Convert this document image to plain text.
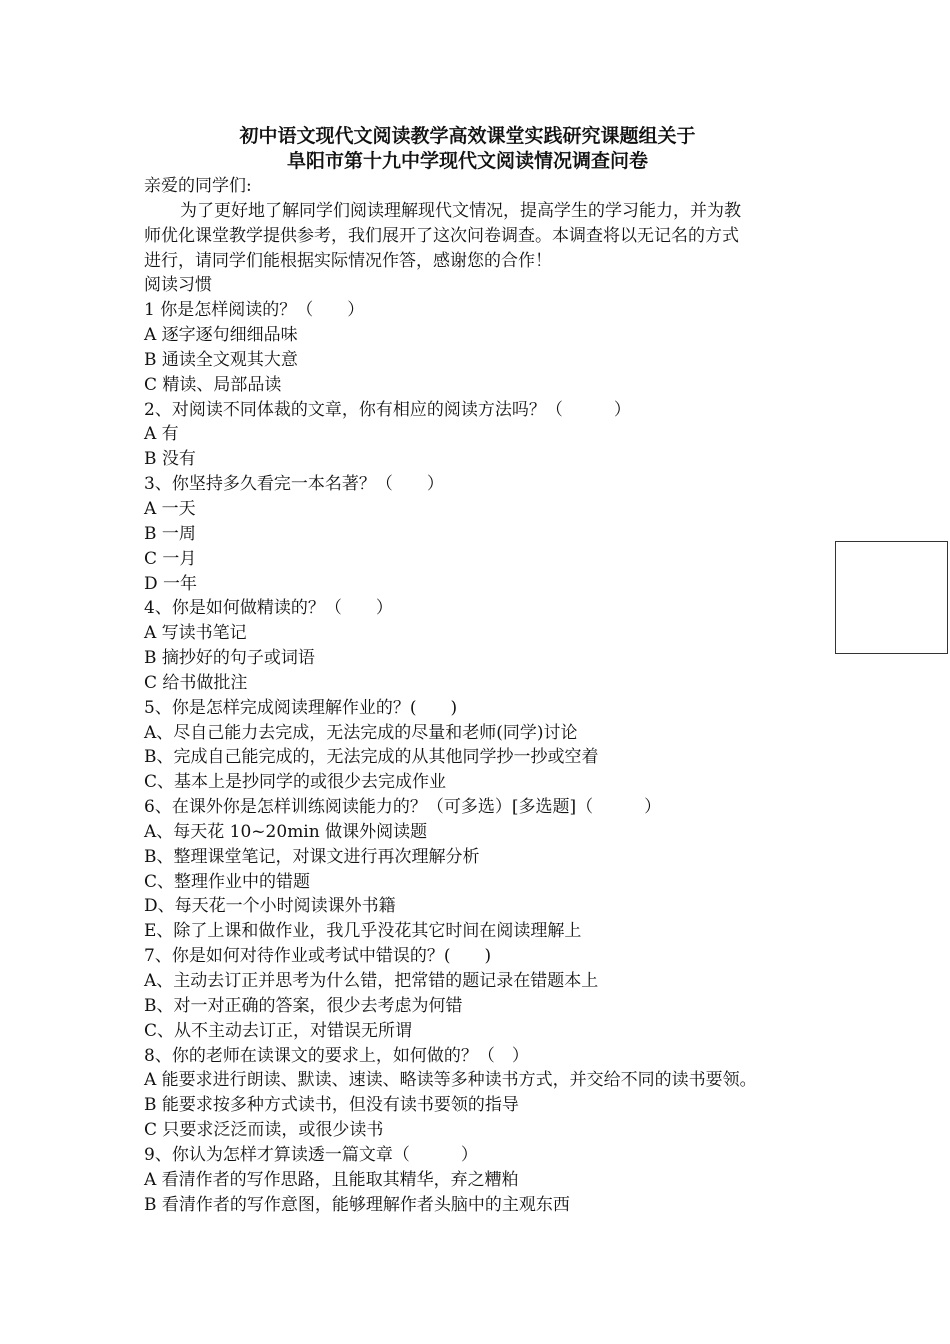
初中语文现代文阅读教学高效课堂实践研究课题组关于
阜阳市第十九中学现代文阅读情况调查问卷
亲爱的同学们:
为了更好地了解同学们阅读理解现代文情况，提高学生的学习能力，并为教
师优化课堂教学提供参考，我们展开了这次问卷调查。本调查将以无记名的方式
进行，请同学们能根据实际情况作答，感谢您的合作！
阅读习惯
1 你是怎样阅读的？（　　）
A 逐字逐句细细品味
B 通读全文观其大意
C 精读、局部品读
2、对阅读不同体裁的文章，你有相应的阅读方法吗？（　　　）
A 有
B 没有
3、你坚持多久看完一本名著？（　　）
A 一天
B 一周
C 一月
D 一年
4、你是如何做精读的？（　　）
A 写读书笔记
B 摘抄好的句子或词语
C 给书做批注
5、你是怎样完成阅读理解作业的？(　　)
A、尽自己能力去完成，无法完成的尽量和老师(同学)讨论
B、完成自己能完成的，无法完成的从其他同学抄一抄或空着
C、基本上是抄同学的或很少去完成作业
6、在课外你是怎样训练阅读能力的？（可多选）[多选题]（　　　）
A、每天花 10~20min 做课外阅读题
B、整理课堂笔记，对课文进行再次理解分析
C、整理作业中的错题
D、每天花一个小时阅读课外书籍
E、除了上课和做作业，我几乎没花其它时间在阅读理解上
7、你是如何对待作业或考试中错误的？(　　)
A、主动去订正并思考为什么错，把常错的题记录在错题本上
B、对一对正确的答案，很少去考虑为何错
C、从不主动去订正，对错误无所谓
8、你的老师在读课文的要求上，如何做的？（　）
A 能要求进行朗读、默读、速读、略读等多种读书方式，并交给不同的读书要领。
B 能要求按多种方式读书，但没有读书要领的指导
C 只要求泛泛而读，或很少读书
9、你认为怎样才算读透一篇文章（　　　）
A 看清作者的写作思路，且能取其精华，弃之糟粕
B 看清作者的写作意图，能够理解作者头脑中的主观东西
